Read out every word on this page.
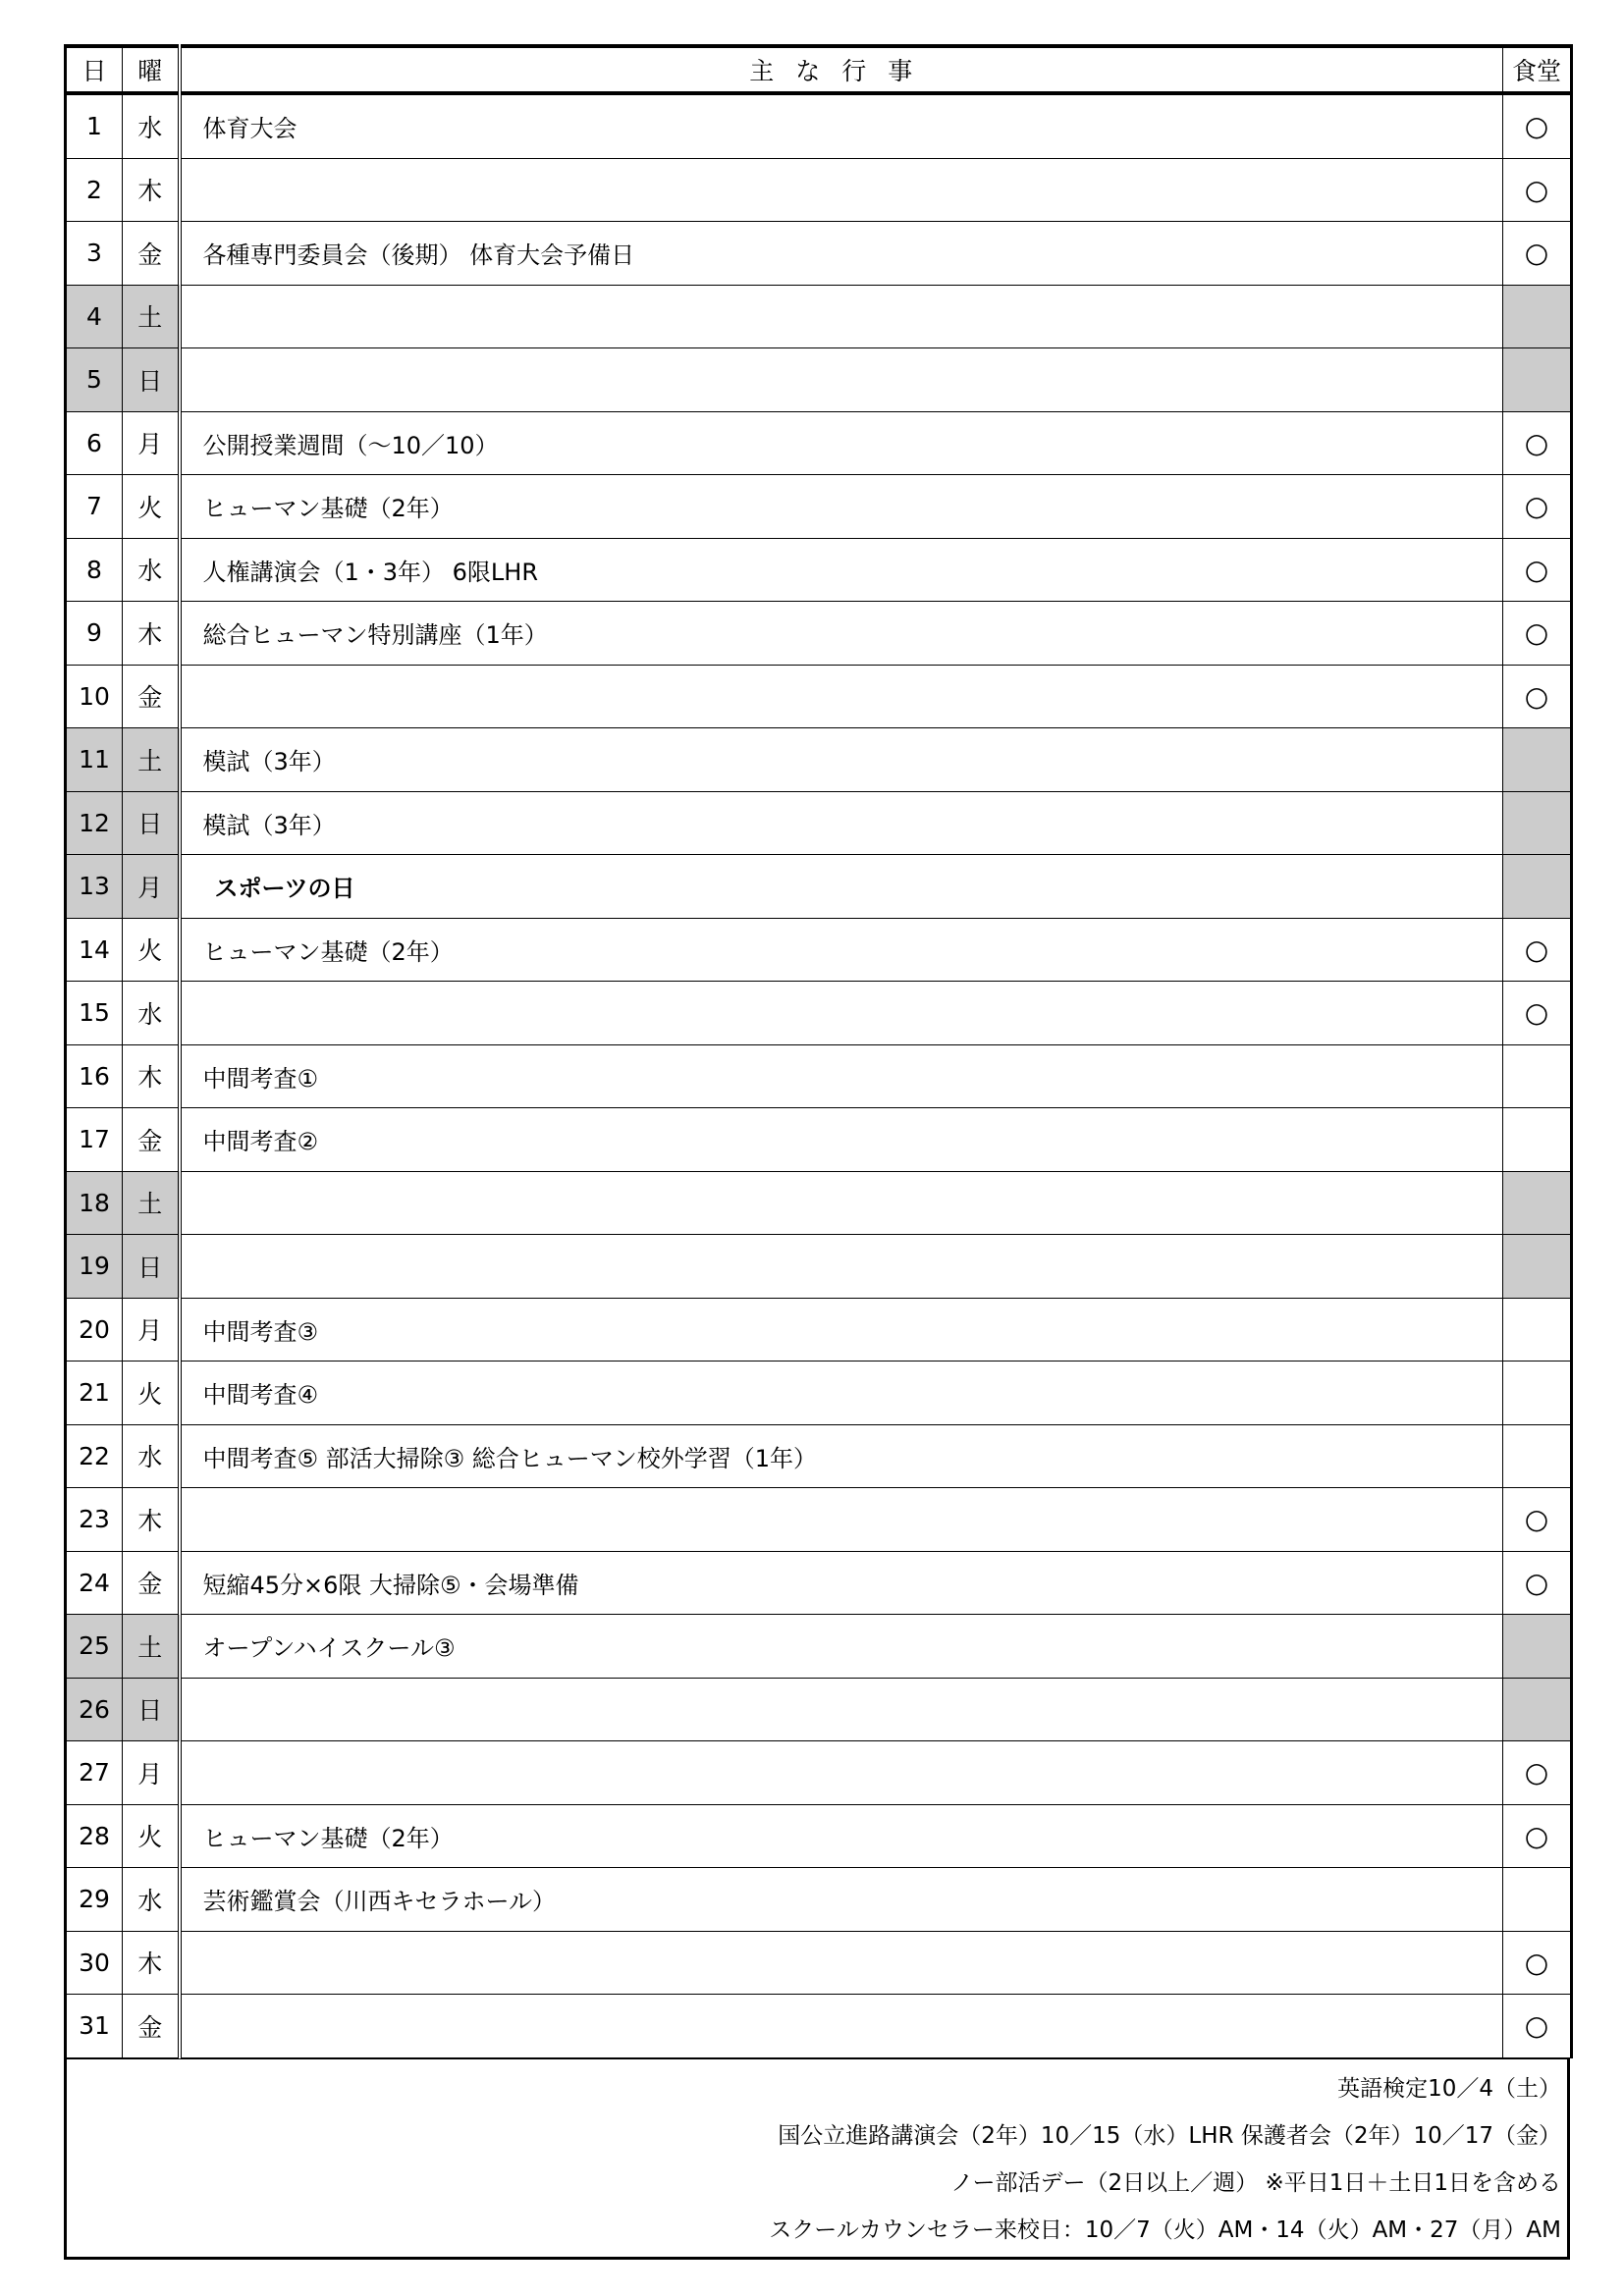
日	曜	主な行事	食堂
1	水	体育大会	○
2	木		○
3	金	各種専門委員会（後期） 体育大会予備日	○
4	土		
5	日		
6	月	公開授業週間（～10／10）	○
7	火	ヒューマン基礎（2年）	○
8	水	人権講演会（1・3年） 6限LHR	○
9	木	総合ヒューマン特別講座（1年）	○
10	金		○
11	土	模試（3年）	
12	日	模試（3年）	
13	月	スポーツの日	
14	火	ヒューマン基礎（2年）	○
15	水		○
16	木	中間考査①	
17	金	中間考査②	
18	土		
19	日		
20	月	中間考査③	
21	火	中間考査④	
22	水	中間考査⑤ 部活大掃除③ 総合ヒューマン校外学習（1年）	
23	木		○
24	金	短縮45分×6限 大掃除⑤・会場準備	○
25	土	オープンハイスクール③	
26	日		
27	月		○
28	火	ヒューマン基礎（2年）	○
29	水	芸術鑑賞会（川西キセラホール）	
30	木		○
31	金		○
英語検定10／4（土）
国公立進路講演会（2年）10／15（水）LHR 保護者会（2年）10／17（金）
ノー部活デー（2日以上／週） ※平日1日＋土日1日を含める
スクールカウンセラー来校日：10／7（火）AM・14（火）AM・27（月）AM
